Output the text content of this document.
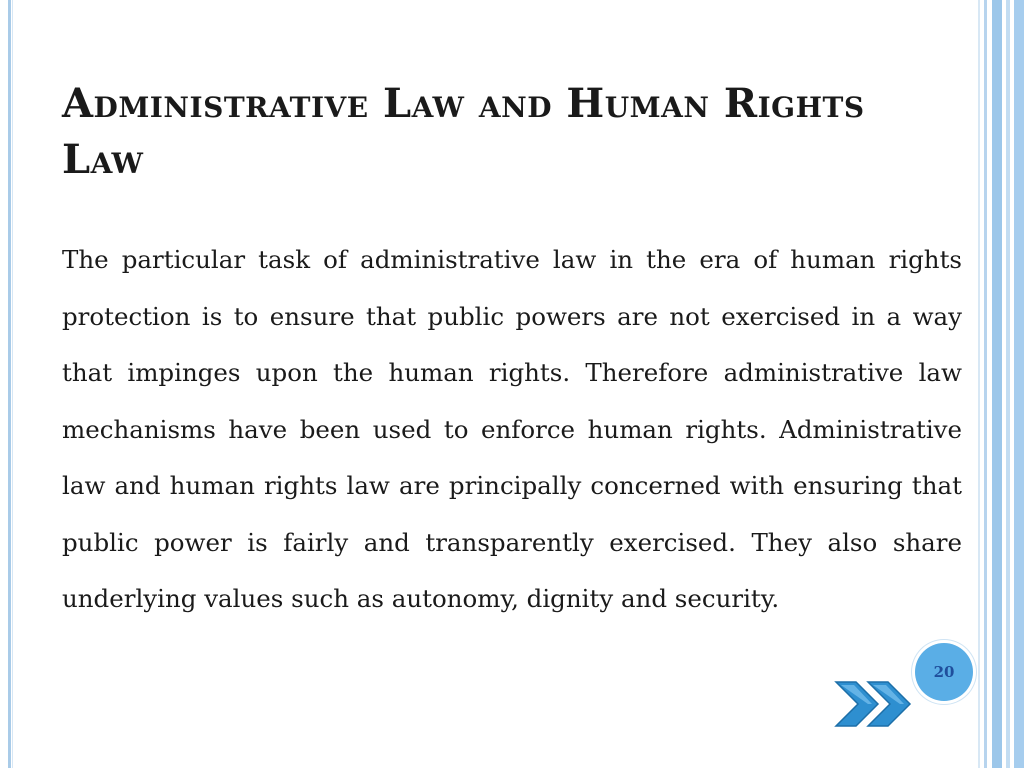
Administrative Law and Human Rights Law

The particular task of administrative law in the era of human rights protection is to ensure that public powers are not exercised in a way that impinges upon the human rights. Therefore administrative law mechanisms have been used to enforce human rights. Administrative law and human rights law are principally concerned with ensuring that public power is fairly and transparently exercised. They also share underlying values such as autonomy, dignity and security.

20
